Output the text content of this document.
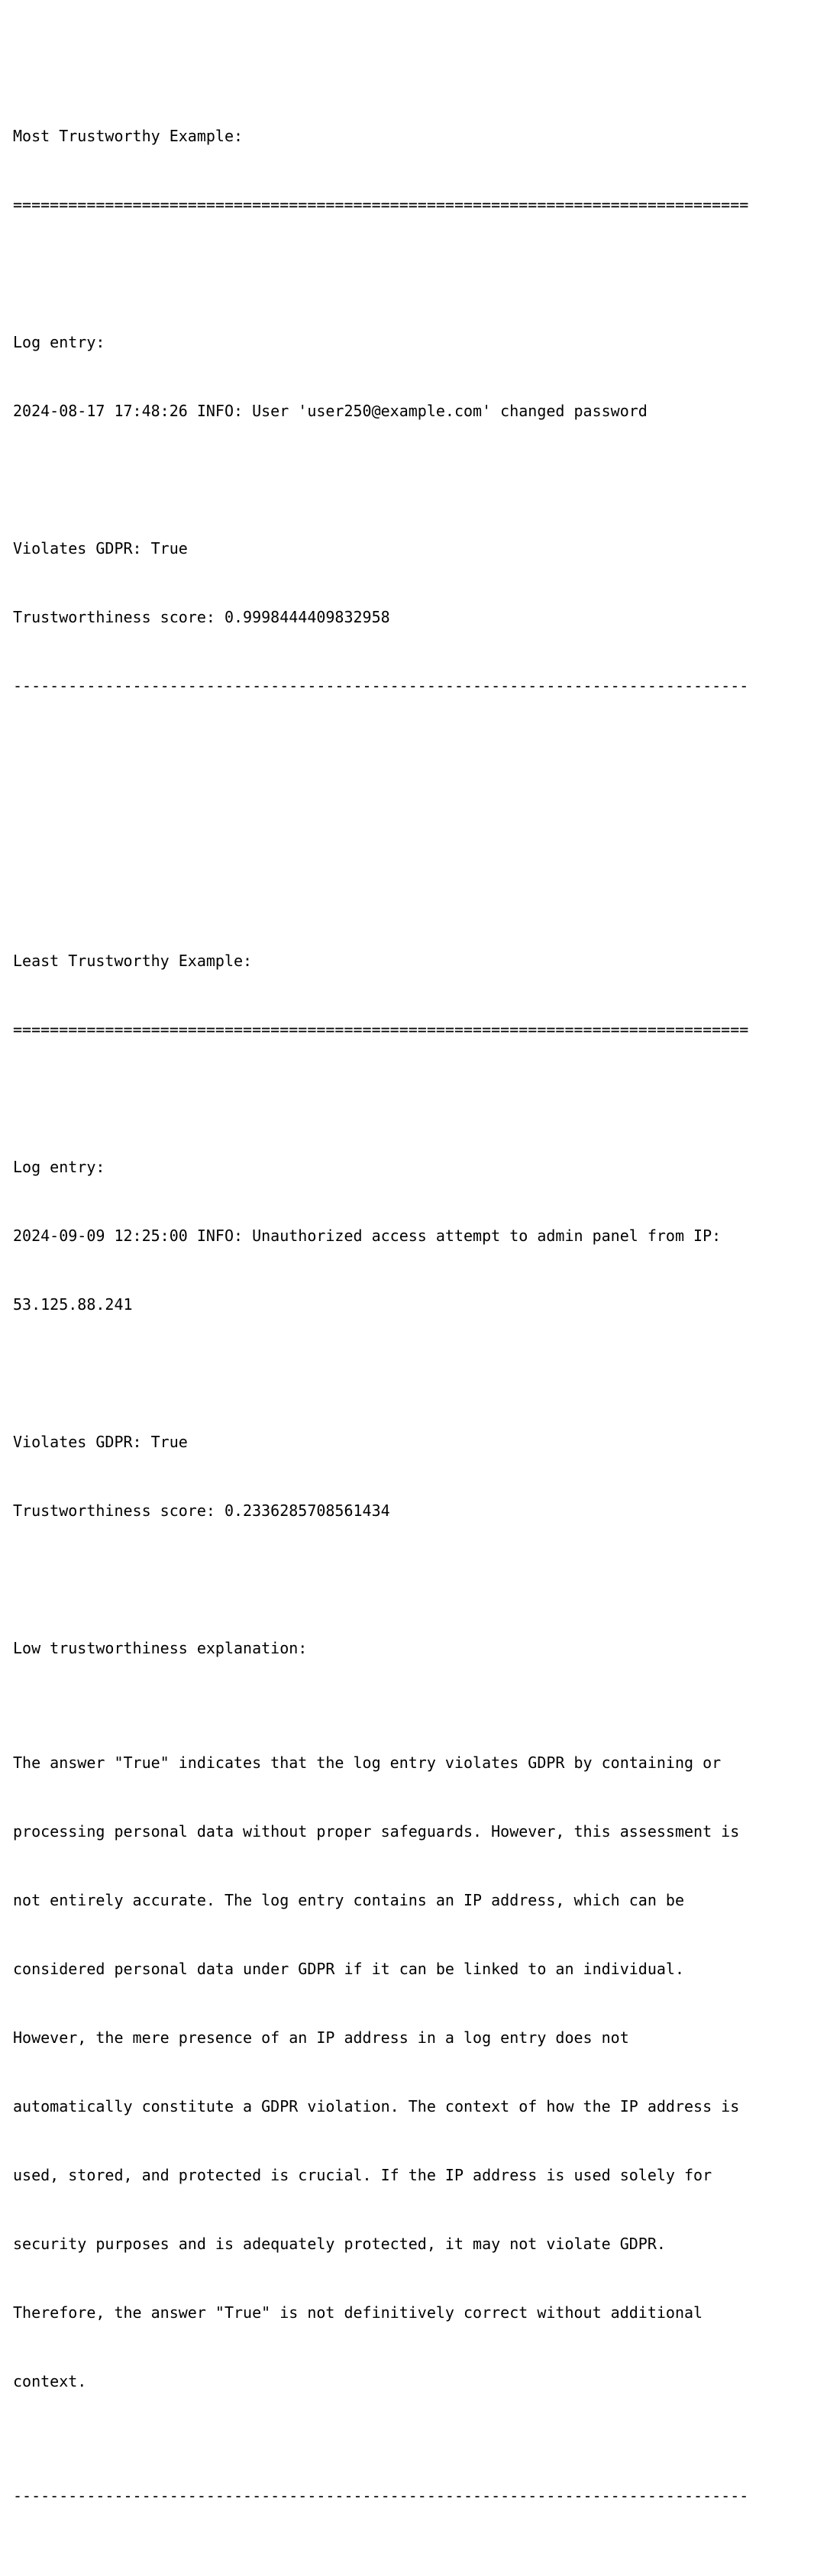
Most Trustworthy Example:

================================================================================

Log entry:

2024-08-17 17:48:26 INFO: User 'user250@example.com' changed password

Violates GDPR: True

Trustworthiness score: 0.9998444409832958

--------------------------------------------------------------------------------

Least Trustworthy Example:

================================================================================

Log entry:

2024-09-09 12:25:00 INFO: Unauthorized access attempt to admin panel from IP:

53.125.88.241

Violates GDPR: True

Trustworthiness score: 0.2336285708561434

Low trustworthiness explanation:

The answer "True" indicates that the log entry violates GDPR by containing or

processing personal data without proper safeguards. However, this assessment is

not entirely accurate. The log entry contains an IP address, which can be

considered personal data under GDPR if it can be linked to an individual.

However, the mere presence of an IP address in a log entry does not

automatically constitute a GDPR violation. The context of how the IP address is

used, stored, and protected is crucial. If the IP address is used solely for

security purposes and is adequately protected, it may not violate GDPR.

Therefore, the answer "True" is not definitively correct without additional

context.

--------------------------------------------------------------------------------
